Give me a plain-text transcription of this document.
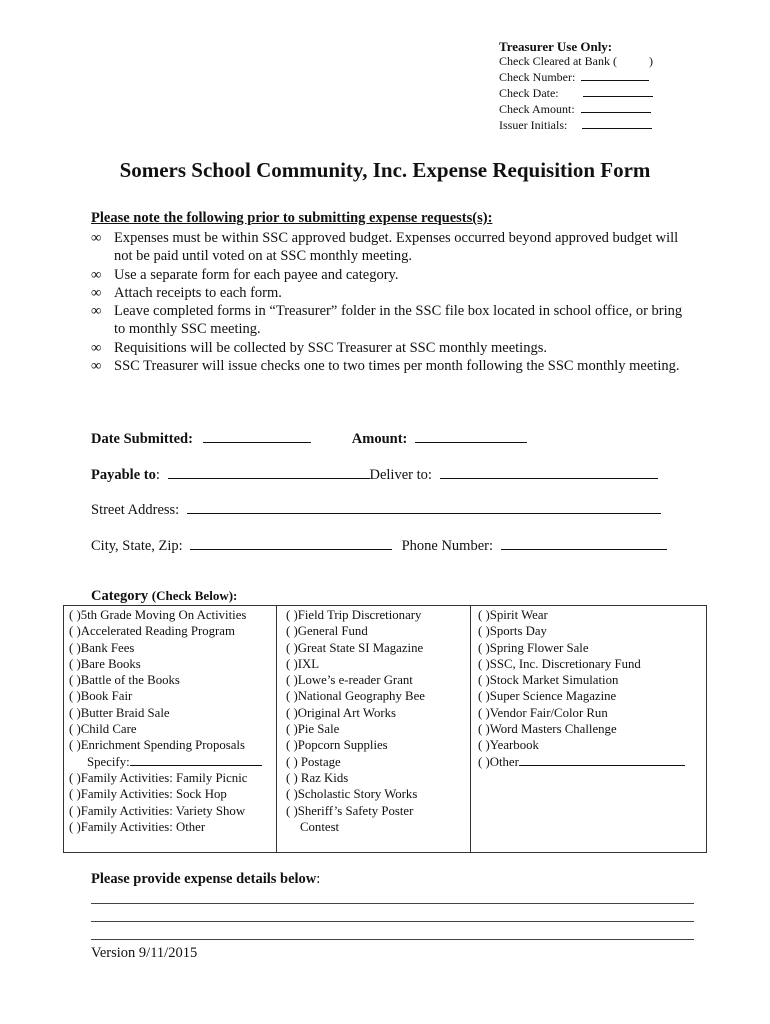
Treasurer Use Only:
Check Cleared at Bank (	)
Check Number:
Check Date:
Check Amount:
Issuer Initials:
Somers School Community, Inc. Expense Requisition Form
Please note the following prior to submitting expense requests(s):
∞ Expenses must be within SSC approved budget. Expenses occurred beyond approved budget will not be paid until voted on at SSC monthly meeting.
∞ Use a separate form for each payee and category.
∞ Attach receipts to each form.
∞ Leave completed forms in “Treasurer” folder in the SSC file box located in school office, or bring to monthly SSC meeting.
∞ Requisitions will be collected by SSC Treasurer at SSC monthly meetings.
∞ SSC Treasurer will issue checks one to two times per month following the SSC monthly meeting.
Date Submitted:	Amount:
Payable to:	Deliver to:
Street Address:
City, State, Zip:	Phone Number:
Category (Check Below):
( )5th Grade Moving On Activities
( )Accelerated Reading Program
( )Bank Fees
( )Bare Books
( )Battle of the Books
( )Book Fair
( )Butter Braid Sale
( )Child Care
( )Enrichment Spending Proposals
Specify:
( )Family Activities: Family Picnic
( )Family Activities: Sock Hop
( )Family Activities: Variety Show
( )Family Activities: Other
( )Field Trip Discretionary
( )General Fund
( )Great State SI Magazine
( )IXL
( )Lowe’s e-reader Grant
( )National Geography Bee
( )Original Art Works
( )Pie Sale
( )Popcorn Supplies
( ) Postage
( ) Raz Kids
( )Scholastic Story Works
( )Sheriff’s Safety Poster
Contest
( )Spirit Wear
( )Sports Day
( )Spring Flower Sale
( )SSC, Inc. Discretionary Fund
( )Stock Market Simulation
( )Super Science Magazine
( )Vendor Fair/Color Run
( )Word Masters Challenge
( )Yearbook
( )Other
Please provide expense details below:
Version 9/11/2015
